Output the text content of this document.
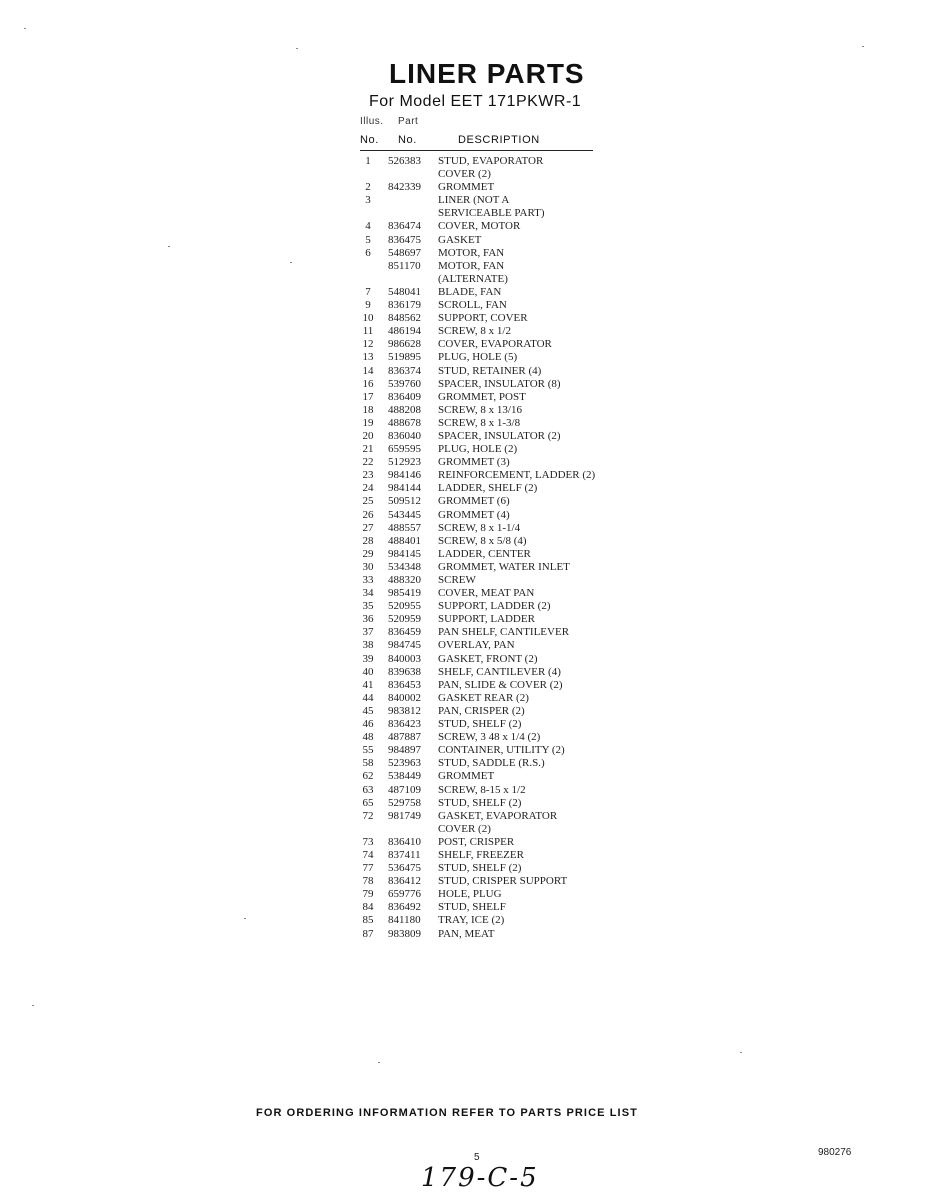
LINER PARTS
For Model EET 171PKWR-1
Illus. Part
No. No.	DESCRIPTION
1	526383 STUD, EVAPORATOR
COVER (2)
2	842339 GROMMET
3	LINER (NOT A
SERVICEABLE PART)
4	836474 COVER, MOTOR
5	836475 GASKET
6	548697 MOTOR, FAN
851170 MOTOR, FAN
(ALTERNATE)
7	548041 BLADE, FAN
9	836179 SCROLL, FAN
10 848562 SUPPORT, COVER
11 486194 SCREW, 8 x 1/2
12 986628 COVER, EVAPORATOR
13 519895 PLUG, HOLE (5)
14 836374 STUD, RETAINER (4)
16 539760 SPACER, INSULATOR (8)
17 836409 GROMMET, POST
18 488208 SCREW, 8 x 13/16
19 488678 SCREW, 8 x 1-3/8
20 836040 SPACER, INSULATOR (2)
21 659595 PLUG, HOLE (2)
22 512923 GROMMET (3)
23 984146 REINFORCEMENT, LADDER (2)
24 984144 LADDER, SHELF (2)
25 509512 GROMMET (6)
26 543445 GROMMET (4)
27 488557 SCREW, 8 x 1-1/4
28 488401 SCREW, 8 x 5/8 (4)
29 984145 LADDER, CENTER
30 534348 GROMMET, WATER INLET
33 488320 SCREW
34 985419 COVER, MEAT PAN
35 520955 SUPPORT, LADDER (2)
36 520959 SUPPORT, LADDER
37 836459 PAN SHELF, CANTILEVER
38 984745 OVERLAY, PAN
39 840003 GASKET, FRONT (2)
40 839638 SHELF, CANTILEVER (4)
41 836453 PAN, SLIDE & COVER (2)
44 840002 GASKET REAR (2)
45 983812 PAN, CRISPER (2)
46 836423 STUD, SHELF (2)
48 487887 SCREW, 3 48 x 1/4 (2)
55 984897 CONTAINER, UTILITY (2)
58 523963 STUD, SADDLE (R.S.)
62 538449 GROMMET
63 487109 SCREW, 8-15 x 1/2
65 529758 STUD, SHELF (2)
72 981749 GASKET, EVAPORATOR
COVER (2)
73 836410 POST, CRISPER
74 837411 SHELF, FREEZER
77 536475 STUD, SHELF (2)
78 836412 STUD, CRISPER SUPPORT
79 659776 HOLE, PLUG
84 836492 STUD, SHELF
85 841180 TRAY, ICE (2)
87 983809 PAN, MEAT
FOR ORDERING INFORMATION REFER TO PARTS PRICE LIST
5	980276
179-C-5
